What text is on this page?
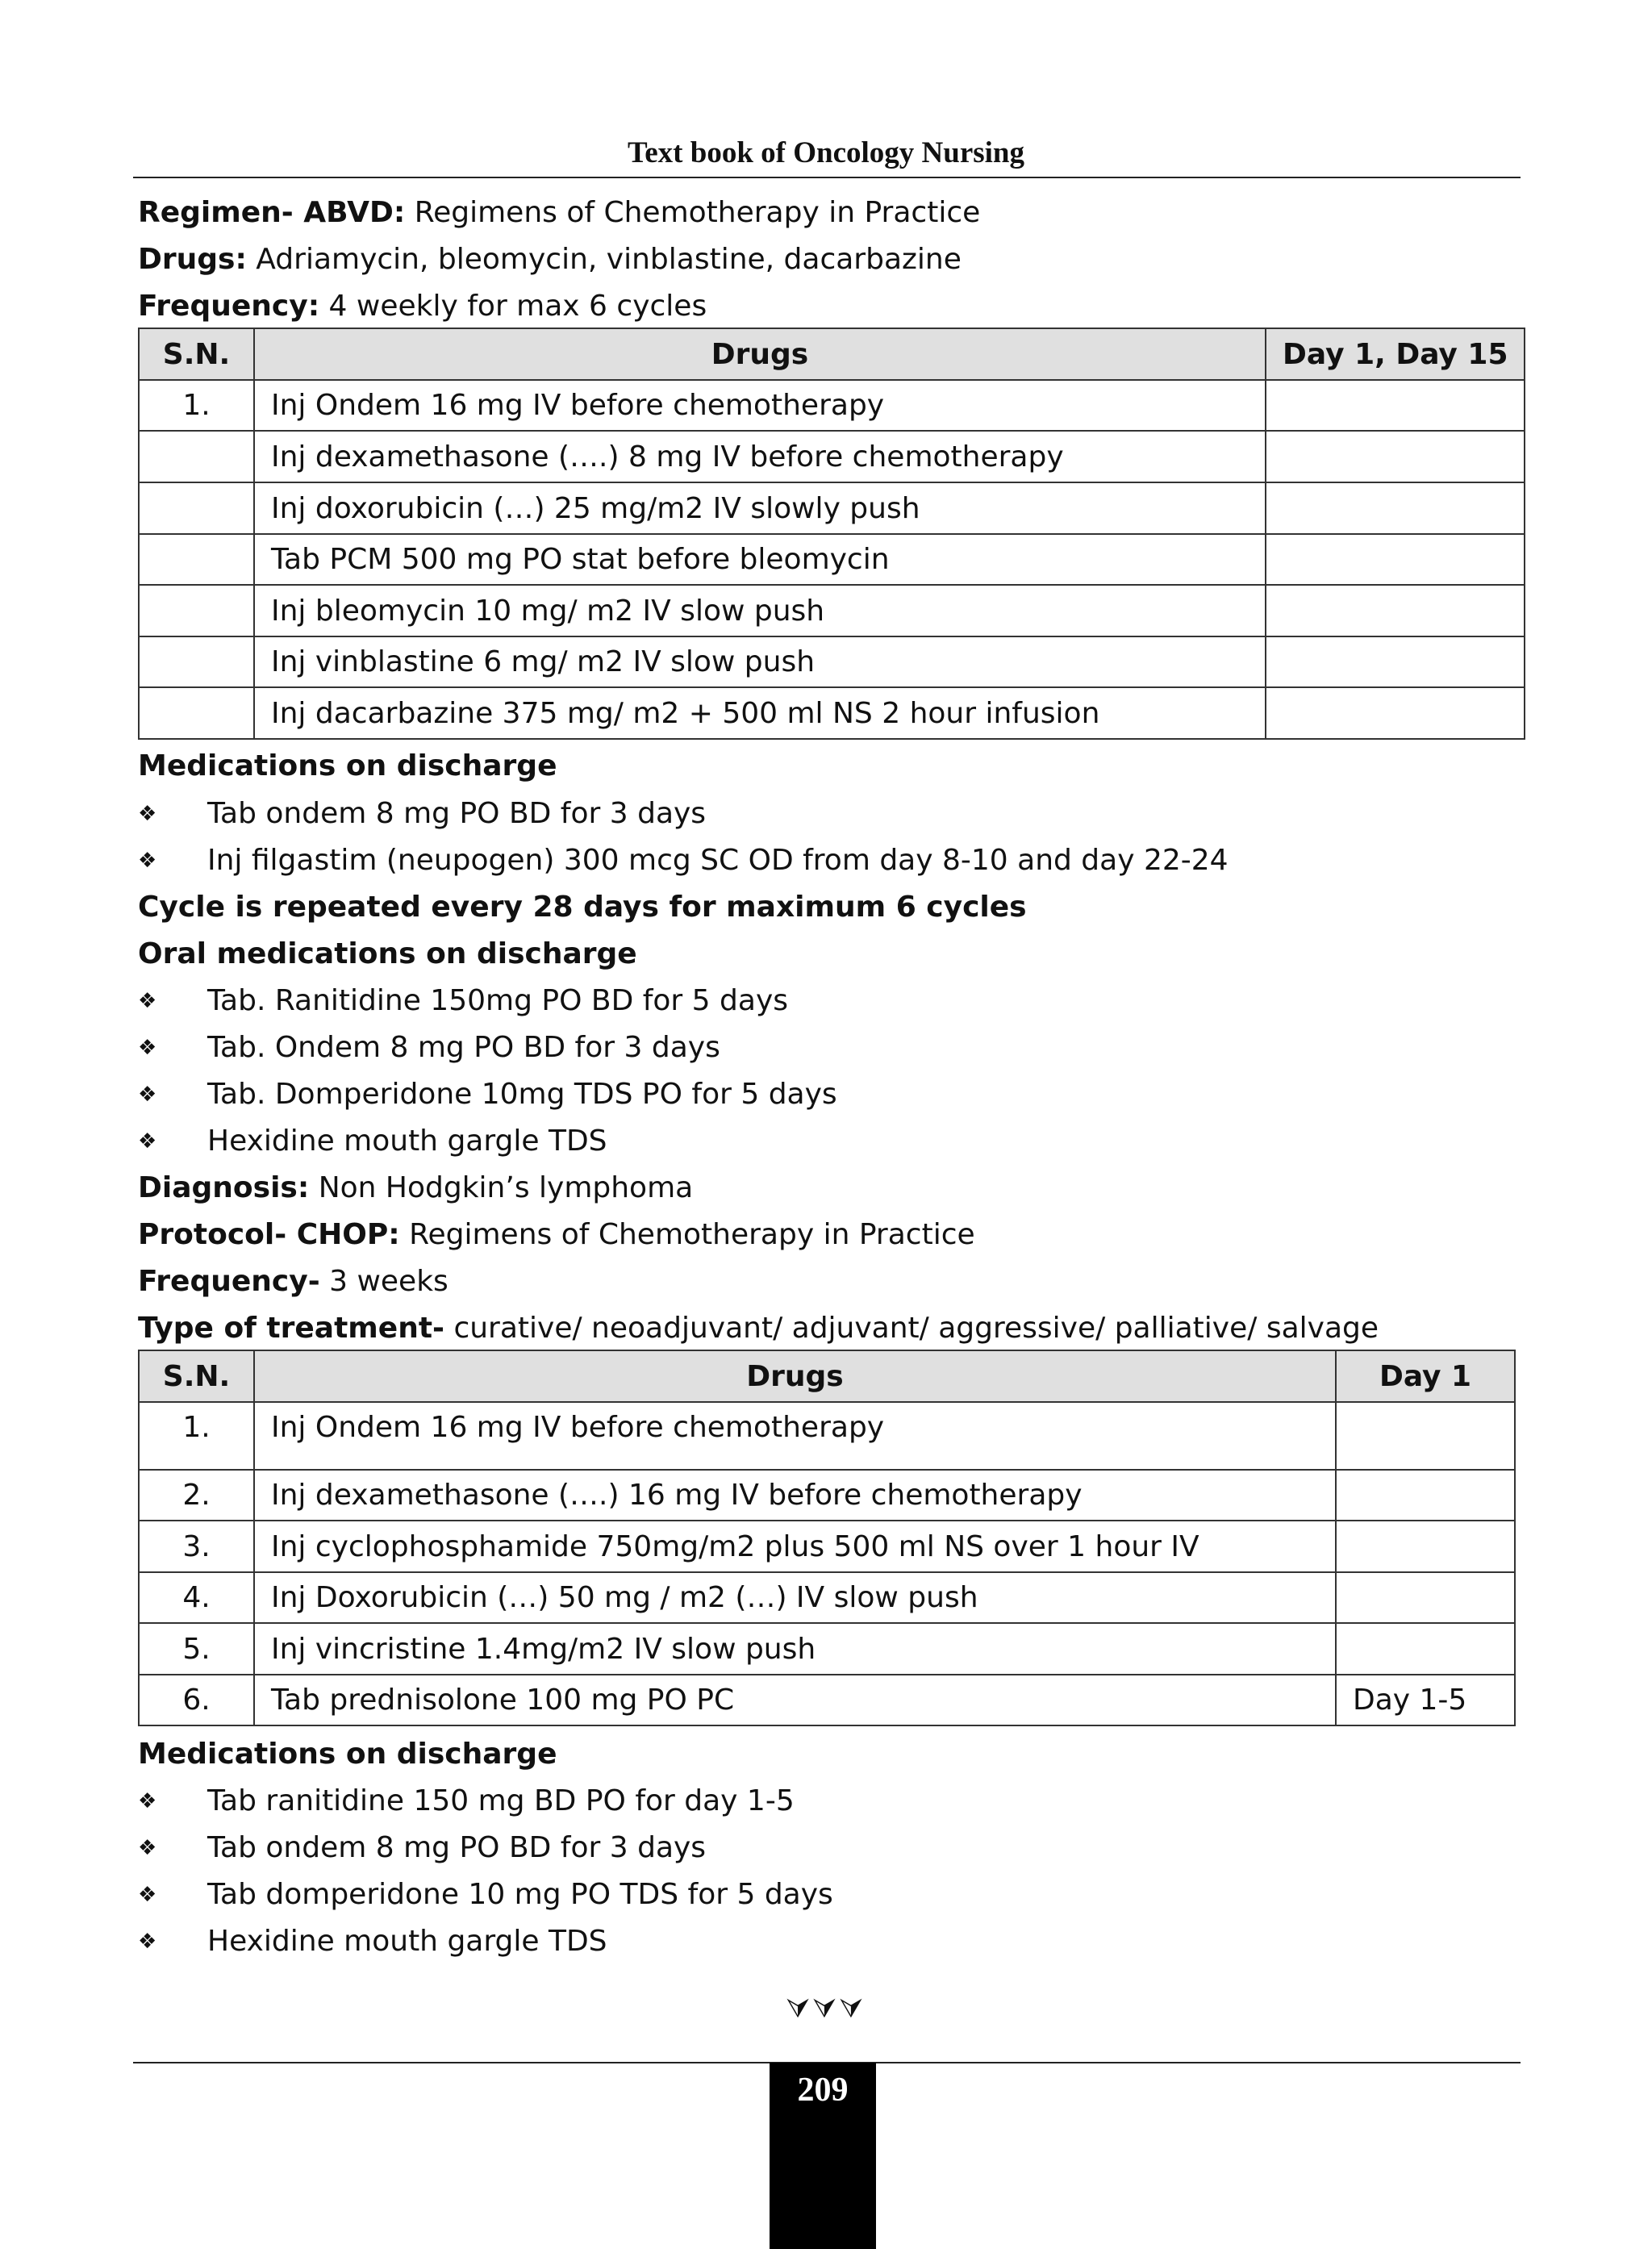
Text book of Oncology Nursing
Regimen- ABVD: Regimens of Chemotherapy in Practice
Drugs: Adriamycin, bleomycin, vinblastine, dacarbazine
Frequency: 4 weekly for max 6 cycles
S.N.	Drugs	Day 1, Day 15
1.	Inj Ondem 16 mg IV before chemotherapy	
	Inj dexamethasone (….) 8 mg IV before chemotherapy	
	Inj doxorubicin (…) 25 mg/m2 IV slowly push	
	Tab PCM 500 mg PO stat before bleomycin	
	Inj bleomycin 10 mg/ m2 IV slow push	
	Inj vinblastine 6 mg/ m2 IV slow push	
	Inj dacarbazine 375 mg/ m2 + 500 ml NS 2 hour infusion	
Medications on discharge
❖ Tab ondem 8 mg PO BD for 3 days
❖ Inj filgastim (neupogen) 300 mcg SC OD from day 8-10 and day 22-24
Cycle is repeated every 28 days for maximum 6 cycles
Oral medications on discharge
❖ Tab. Ranitidine 150mg PO BD for 5 days
❖ Tab. Ondem 8 mg PO BD for 3 days
❖ Tab. Domperidone 10mg TDS PO for 5 days
❖ Hexidine mouth gargle TDS
Diagnosis: Non Hodgkin’s lymphoma
Protocol- CHOP: Regimens of Chemotherapy in Practice
Frequency- 3 weeks
Type of treatment- curative/ neoadjuvant/ adjuvant/ aggressive/ palliative/ salvage
S.N.	Drugs	Day 1
1.	Inj Ondem 16 mg IV before chemotherapy	
2.	Inj dexamethasone (….) 16 mg IV before chemotherapy	
3.	Inj cyclophosphamide 750mg/m2 plus 500 ml NS over 1 hour IV	
4.	Inj Doxorubicin (…) 50 mg / m2 (…) IV slow push	
5.	Inj vincristine 1.4mg/m2 IV slow push	
6.	Tab prednisolone 100 mg PO PC	Day 1-5
Medications on discharge
❖ Tab ranitidine 150 mg BD PO for day 1-5
❖ Tab ondem 8 mg PO BD for 3 days
❖ Tab domperidone 10 mg PO TDS for 5 days
❖ Hexidine mouth gargle TDS
⮛⮛⮛
209
